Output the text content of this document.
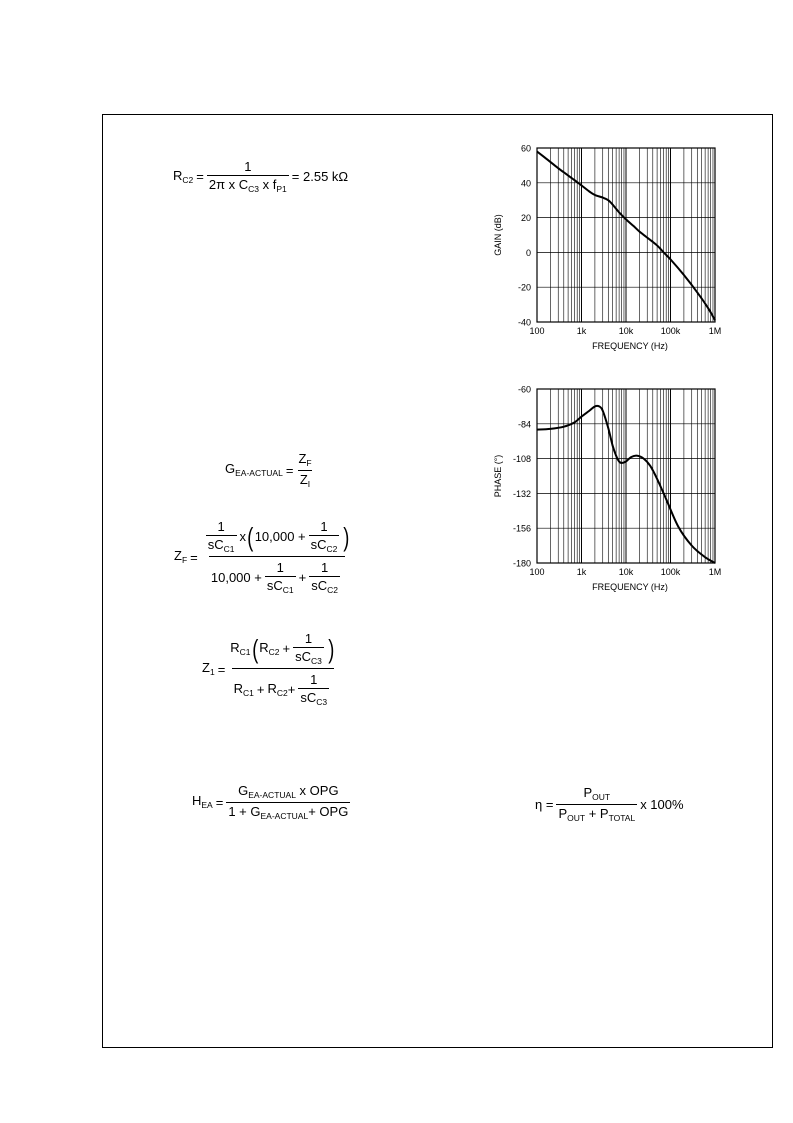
$R_{C2} = \frac{1}{2\pi x C_{C3} x f_{P1}} = 2.55$ kΩ
$G_{EA-ACTUAL} = \frac{Z_F}{Z_I}$
$Z_F$ =
$\frac{1}{sC_{C1}}$ x ( $10,000 + \frac{1}{sC_{C2}}$ )
$10,000 + \frac{1}{sC_{C1}} + \frac{1}{sC_{C2}}$
$Z_1$ =
$R_{C1}$ ( $R_{C2} + \frac{1}{sC_{C3}}$ )
$R_{C1} + R_{C2} + \frac{1}{sC_{C3}}$
$H_{EA} = \frac{G_{EA-ACTUAL} x OPG}{1 + G_{EA-ACTUAL}+ OPG}$	$\eta = \frac{P_{OUT}}{P_{OUT} + P_{TOTAL}}$ x 100%
60
40
20
0
-20
-40
100	1k	10k	100k	1M
FREQUENCY (Hz)
GAIN (dB)
-60
-84
-108
-132
-156
-180
100	1k	10k	100k	1M
FREQUENCY (Hz)
PHASE (°)
